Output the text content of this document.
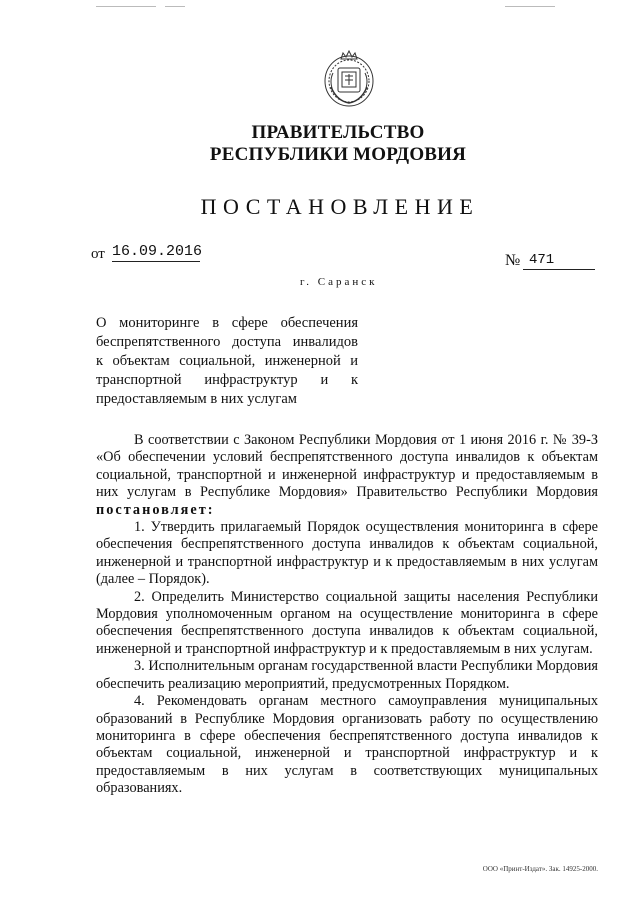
ПРАВИТЕЛЬСТВО
РЕСПУБЛИКИ МОРДОВИЯ
ПОСТАНОВЛЕНИЕ
от 16.09.2016
№ 471
г. Саранск
О мониторинге в сфере обеспечения
беспрепятственного доступа инвалидов
к объектам социальной, инженерной и
транспортной инфраструктур и к
предоставляемым в них услугам

В соответствии с Законом Республики Мордовия от 1 июня 2016 г. № 39-З «Об обеспечении условий беспрепятственного доступа инвалидов к объектам социальной, транспортной и инженерной инфраструктур и предоставляемым в них услугам в Республике Мордовия» Правительство Республики Мордовия постановляет:

1. Утвердить прилагаемый Порядок осуществления мониторинга в сфере обеспечения беспрепятственного доступа инвалидов к объектам социальной, инженерной и транспортной инфраструктур и к предоставляемым в них услугам (далее – Порядок).

2. Определить Министерство социальной защиты населения Республики Мордовия уполномоченным органом на осуществление мониторинга в сфере обеспечения беспрепятственного доступа инвалидов к объектам социальной, инженерной и транспортной инфраструктур и к предоставляемым в них услугам.

3. Исполнительным органам государственной власти Республики Мордовия обеспечить реализацию мероприятий, предусмотренных Порядком.

4. Рекомендовать органам местного самоуправления муниципальных образований в Республике Мордовия организовать работу по осуществлению мониторинга в сфере обеспечения беспрепятственного доступа инвалидов к объектам социальной, инженерной и транспортной инфраструктур и к предоставляемым в них услугам в соответствующих муниципальных образованиях.

ООО «Принт-Издат». Зак. 14925-2000.
